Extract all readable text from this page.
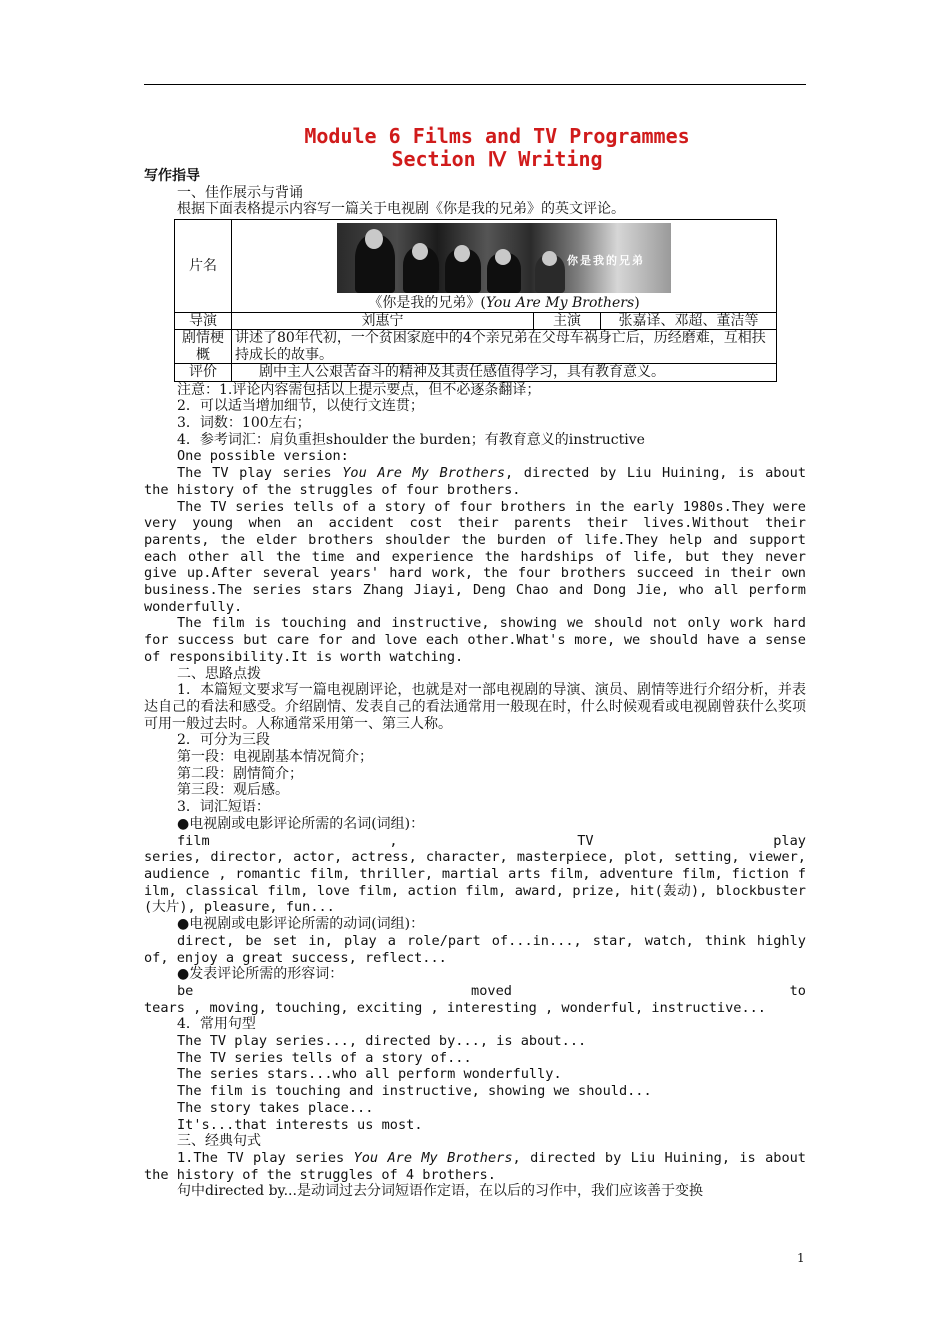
Module 6 Films and TV Programmes
Section Ⅳ Writing

写作指导

一、佳作展示与背诵

根据下面表格提示内容写一篇关于电视剧《你是我的兄弟》的英文评论。

片名	你是我的兄弟
《你是我的兄弟》(You Are My Brothers)		

导演	刘惠宁	主演	张嘉译、邓超、董洁等
剧情梗概	讲述了80年代初，一个贫困家庭中的4个亲兄弟在父母车祸身亡后，历经磨难，互相扶持成长的故事。		
评价	剧中主人公艰苦奋斗的精神及其责任感值得学习，具有教育意义。		

注意：1.评论内容需包括以上提示要点，但不必逐条翻译；

2．可以适当增加细节，以使行文连贯；

3．词数：100左右；

4．参考词汇：肩负重担shoulder the burden；有教育意义的instructive

One possible version:

The TV play series You Are My Brothers, directed by Liu Huining, is about the history of the struggles of four brothers.

The TV series tells of a story of four brothers in the early 1980s.They were very young when an accident cost their parents their lives.Without their parents, the elder brothers shoulder the burden of life.They help and support each other all the time and experience the hardships of life, but they never give up.After several years' hard work, the four brothers succeed in their own business.The series stars Zhang Jiayi, Deng Chao and Dong Jie, who all perform wonderfully.

The film is touching and instructive, showing we should not only work hard for success but care for and love each other.What's more, we should have a sense of responsibility.It is worth watching.

二、思路点拨

1．本篇短文要求写一篇电视剧评论，也就是对一部电视剧的导演、演员、剧情等进行介绍分析，并表达自己的看法和感受。介绍剧情、发表自己的看法通常用一般现在时，什么时候观看或电视剧曾获什么奖项可用一般过去时。人称通常采用第一、第三人称。

2．可分为三段

第一段：电视剧基本情况简介；

第二段：剧情简介；

第三段：观后感。

3．词汇短语：

●电视剧或电影评论所需的名词(词组)：

film	,	TV	play

series, director, actor, actress, character, masterpiece, plot, setting, viewer, audience , romantic film, thriller, martial arts film, adventure film, fiction film, classical film, love film, action film, award, prize, hit(轰动), blockbuster(大片), pleasure, fun...

●电视剧或电影评论所需的动词(词组)：

direct, be set in, play a role/part of...in..., star, watch, think highly of, enjoy a great success, reflect...

●发表评论所需的形容词：

be	moved	to

tears , moving, touching, exciting , interesting , wonderful, instructive...

4．常用句型

The TV play series..., directed by..., is about...

The TV series tells of a story of...

The series stars...who all perform wonderfully.

The film is touching and instructive, showing we should...

The story takes place...

It's...that interests us most.

三、经典句式

1.The TV play series You Are My Brothers, directed by Liu Huining, is about the history of the struggles of 4 brothers.

句中directed by...是动词过去分词短语作定语，在以后的习作中，我们应该善于变换

1
